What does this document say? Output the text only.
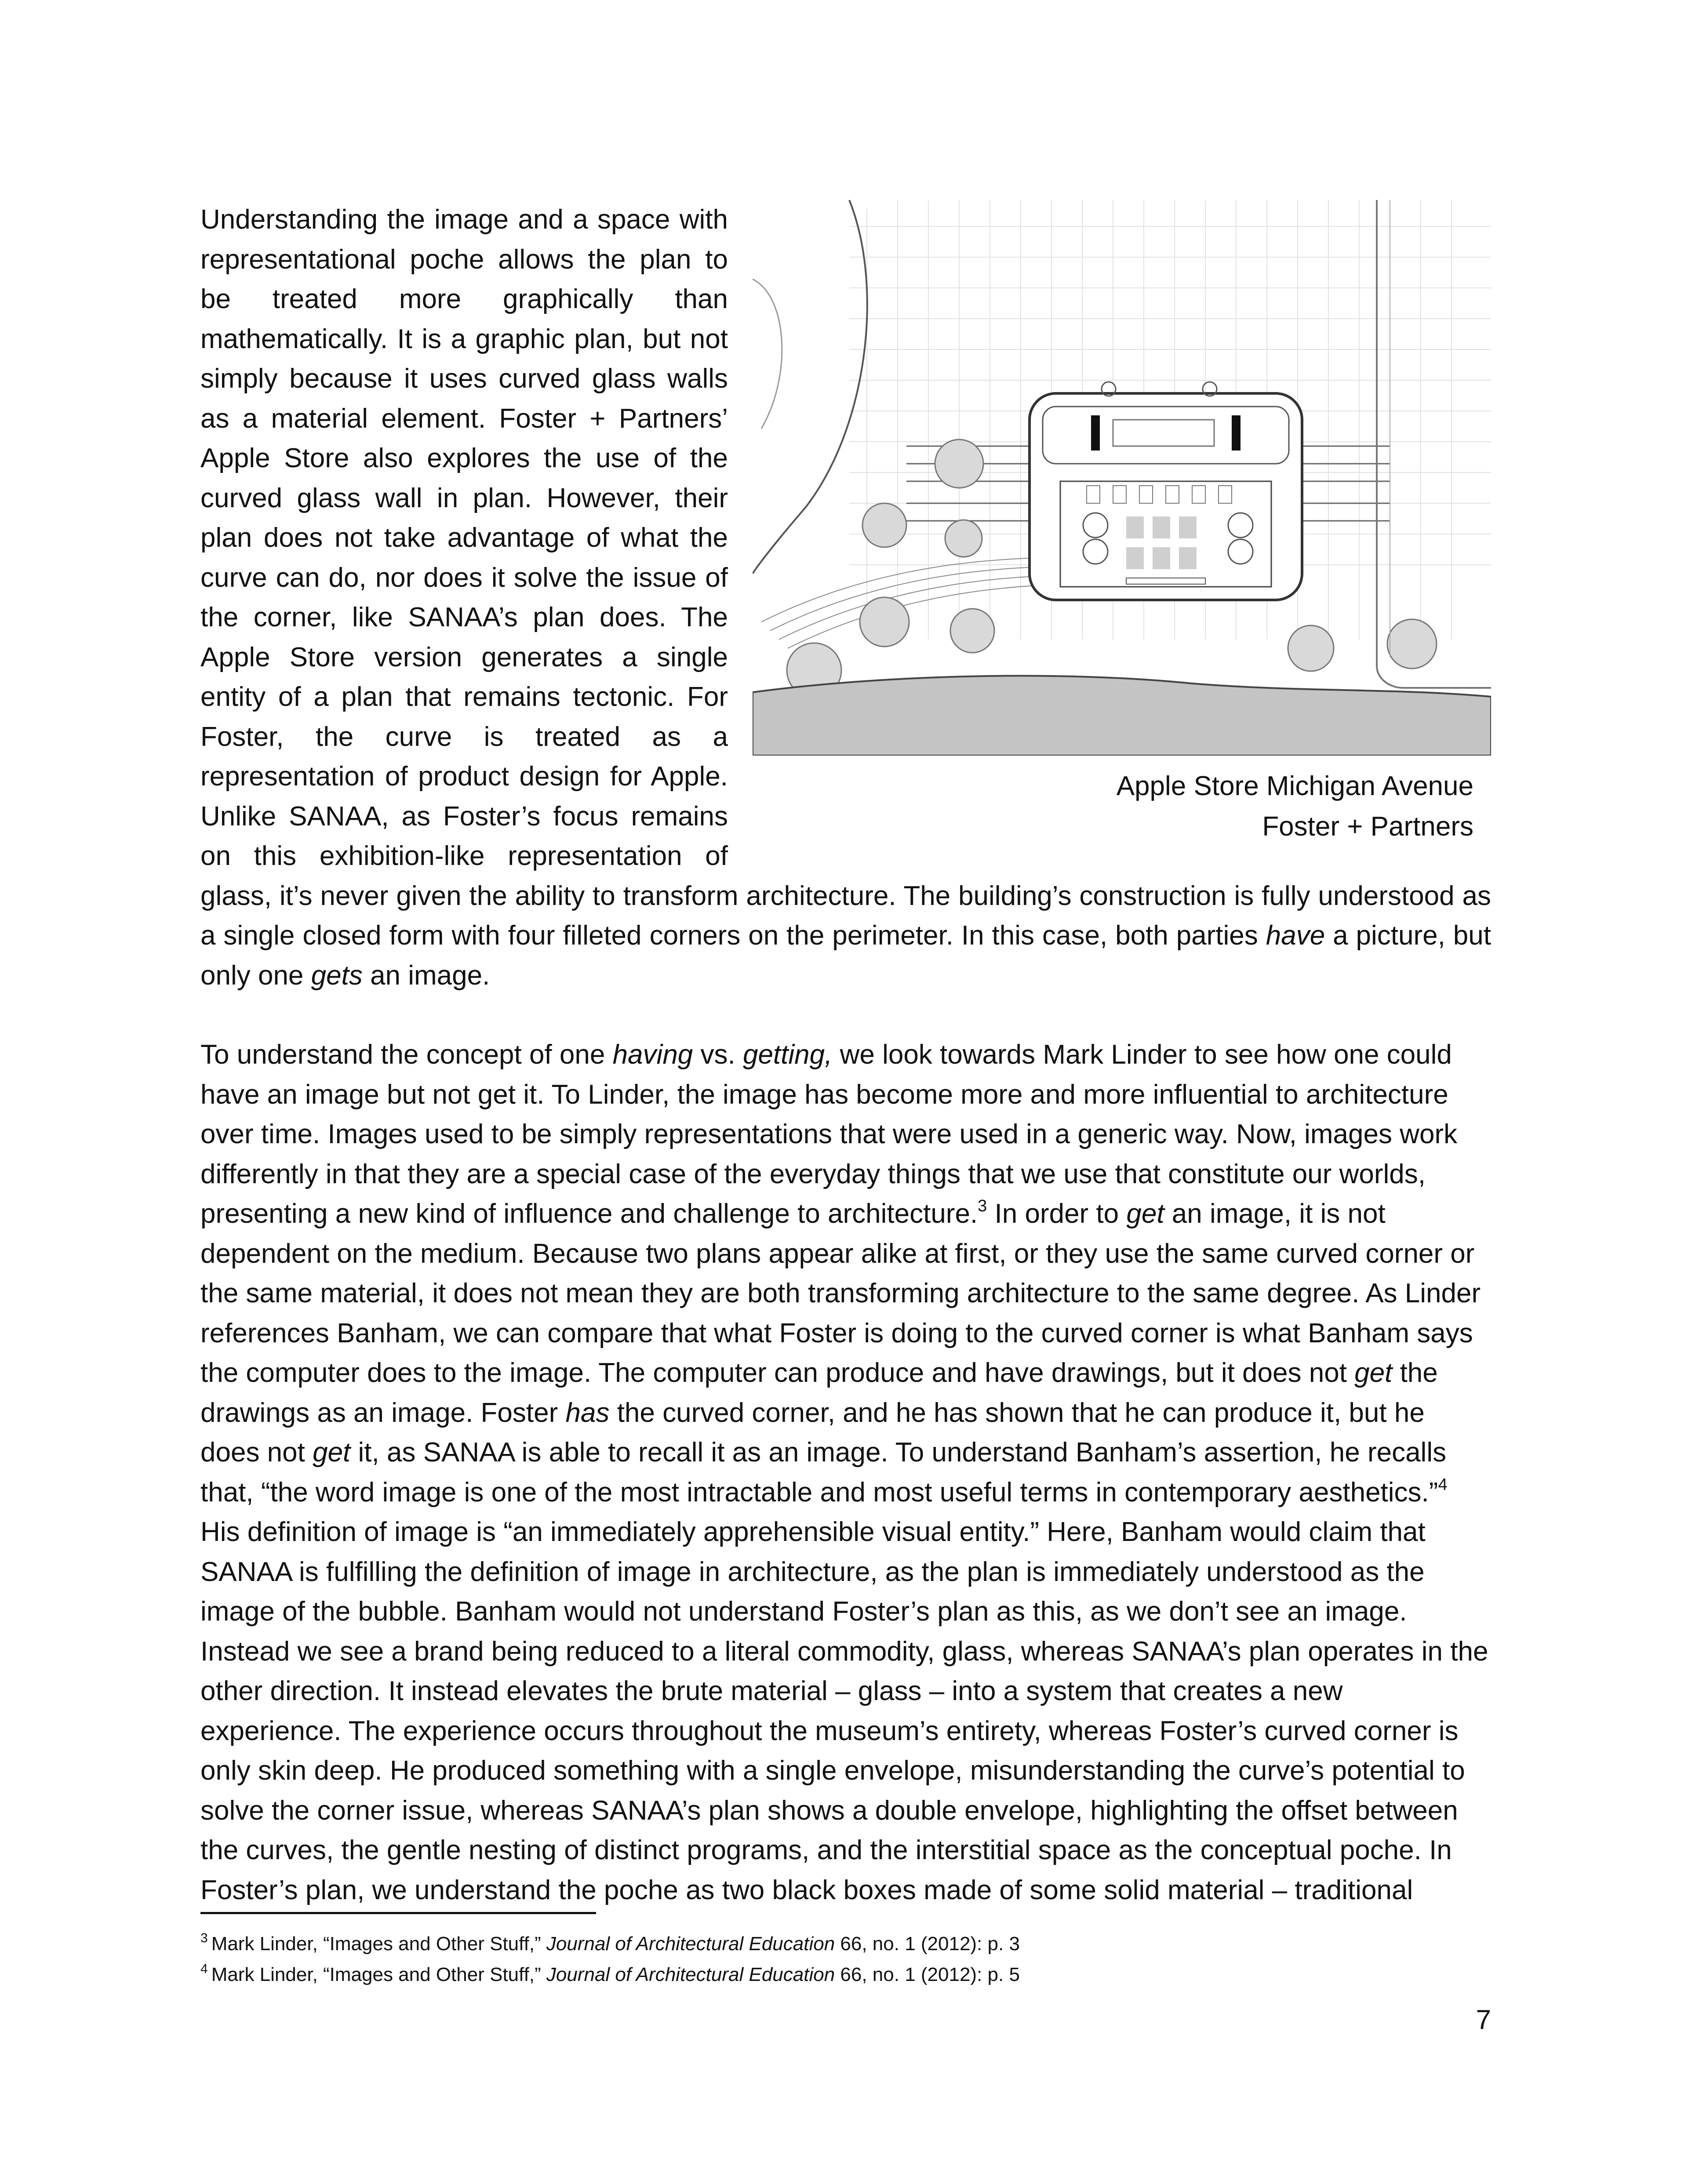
Apple Store Michigan Avenue
Foster + Partners

Understanding the image and a space with representational poche allows the plan to be treated more graphically than mathematically. It is a graphic plan, but not simply because it uses curved glass walls as a material element. Foster + Partners’ Apple Store also explores the use of the curved glass wall in plan. However, their plan does not take advantage of what the curve can do, nor does it solve the issue of the corner, like SANAA’s plan does. The Apple Store version generates a single entity of a plan that remains tectonic. For Foster, the curve is treated as a representation of product design for Apple. Unlike SANAA, as Foster’s focus remains on this exhibition-like representation of glass, it’s never given the ability to transform architecture. The building’s construction is fully understood as a single closed form with four filleted corners on the perimeter. In this case, both parties have a picture, but only one gets an image.

To understand the concept of one having vs. getting, we look towards Mark Linder to see how one could have an image but not get it. To Linder, the image has become more and more influential to architecture over time. Images used to be simply representations that were used in a generic way. Now, images work differently in that they are a special case of the everyday things that we use that constitute our worlds, presenting a new kind of influence and challenge to architecture.$^3$ In order to get an image, it is not dependent on the medium. Because two plans appear alike at first, or they use the same curved corner or the same material, it does not mean they are both transforming architecture to the same degree. As Linder references Banham, we can compare that what Foster is doing to the curved corner is what Banham says the computer does to the image. The computer can produce and have drawings, but it does not get the drawings as an image. Foster has the curved corner, and he has shown that he can produce it, but he does not get it, as SANAA is able to recall it as an image. To understand Banham’s assertion, he recalls that, “the word image is one of the most intractable and most useful terms in contemporary aesthetics.”$^4$ His definition of image is “an immediately apprehensible visual entity.” Here, Banham would claim that SANAA is fulfilling the definition of image in architecture, as the plan is immediately understood as the image of the bubble. Banham would not understand Foster’s plan as this, as we don’t see an image. Instead we see a brand being reduced to a literal commodity, glass, whereas SANAA’s plan operates in the other direction. It instead elevates the brute material – glass – into a system that creates a new experience. The experience occurs throughout the museum’s entirety, whereas Foster’s curved corner is only skin deep. He produced something with a single envelope, misunderstanding the curve’s potential to solve the corner issue, whereas SANAA’s plan shows a double envelope, highlighting the offset between the curves, the gentle nesting of distinct programs, and the interstitial space as the conceptual poche. In Foster’s plan, we understand the poche as two black boxes made of some solid material – traditional

$^3$ Mark Linder, “Images and Other Stuff,” Journal of Architectural Education 66, no. 1 (2012): p. 3
$^4$ Mark Linder, “Images and Other Stuff,” Journal of Architectural Education 66, no. 1 (2012): p. 5
7
